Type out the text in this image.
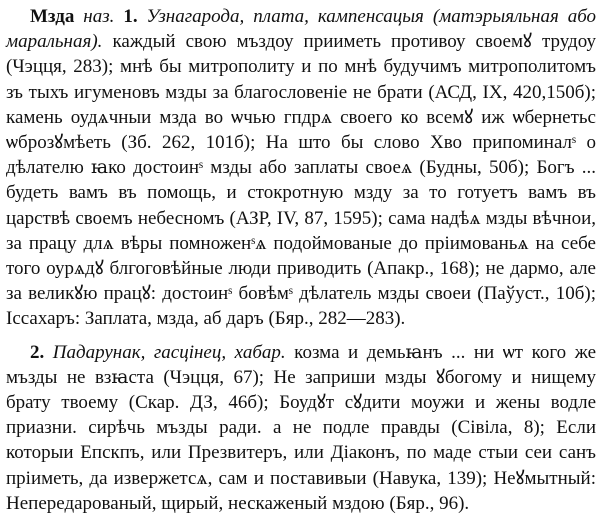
Мзда наз. 1. Узнагарода, плата, кампенсацыя (матэрыяльная або маральная). каждый свою мъздоу прииметь противоу своемꙋ трудоу (Чэцця, 283); мнѣ бы митрополиту и по мнѣ будучимъ митрополитомъ зъ тыхъ игуменовъ мзды за благословенiе не брати (АСД, IX, 420,150б); камень оудѧчныи мзда во ѡчью гпдрѧ своего ко всемꙋ иж ѡбернетьс ѡброзꙋмѣеть (Зб. 262, 101б); На што бы слово Хво припоминалˢ о дѣлателю ꙗко достоинˢ мзды або заплаты своеѧ (Будны, 50б); Богъ ... будеть вамъ въ помощь, и стокротную мзду за то готуетъ вамъ въ царствѣ своемъ небесномъ (АЗР, IV, 87, 1595); сама надѣѧ мзды вѣчнои, за працу длѧ вѣры помноженˢѧ подоймованые до прiимованьѧ на себе того оурѧдꙋ блгоговѣйные люди приводить (Апакр., 168); не дармо, але за великꙋю працꙋ: достоинˢ бовѣмˢ дѣлатель мзды своеи (Паўуст., 10б); Iссахаръ: Заплата, мзда, аб даръ (Бяр., 282—283).

2. Падарунак, гасцiнец, хабар. козма и демьꙗнъ ... ни ѡт кого же мъзды не взꙗста (Чэцця, 67); Не заприши мзды ꙋбогому и нищему брату твоему (Скар. ДЗ, 46б); Боудꙋт сꙋдити моужи и жены водле приазни. сирѣчь мъзды ради. а не подле правды (Сiвiла, 8); Если которыи Епскпъ, или Презвитеръ, или Дiаконъ, по маде стыи сеи санъ прiиметь, да извержетсѧ, сам и поставивыи (Навука, 139); Неꙋмытный: Непередарованый, щирый, нескаженый мздою (Бяр., 96).
